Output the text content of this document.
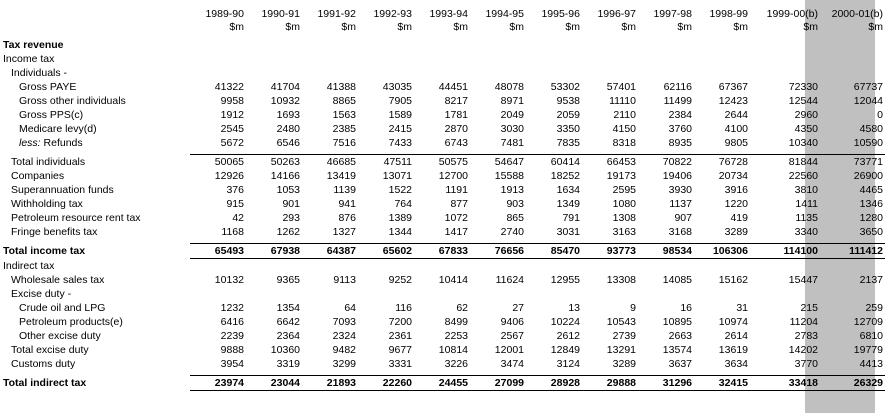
	1989-90	1990-91	1991-92	1992-93	1993-94	1994-95	1995-96	1996-97	1997-98	1998-99	1999-00(b)	2000-01(b)
	$m	$m	$m	$m	$m	$m	$m	$m	$m	$m	$m	$m

Tax revenue												
Income tax												
Individuals -												
Gross PAYE	41322	41704	41388	43035	44451	48078	53302	57401	62116	67367	72330	67737
Gross other individuals	9958	10932	8865	7905	8217	8971	9538	11110	11499	12423	12544	12044
Gross PPS(c)	1912	1693	1563	1589	1781	2049	2059	2110	2384	2644	2960	0
Medicare levy(d)	2545	2480	2385	2415	2870	3030	3350	4150	3760	4100	4350	4580
less: Refunds	5672	6546	7516	7433	6743	7481	7835	8318	8935	9805	10340	10590

Total individuals	50065	50263	46685	47511	50575	54647	60414	66453	70822	76728	81844	73771
Companies	12926	14166	13419	13071	12700	15588	18252	19173	19406	20734	22560	26900
Superannuation funds	376	1053	1139	1522	1191	1913	1634	2595	3930	3916	3810	4465
Withholding tax	915	901	941	764	877	903	1349	1080	1137	1220	1411	1346
Petroleum resource rent tax	42	293	876	1389	1072	865	791	1308	907	419	1135	1280
Fringe benefits tax	1168	1262	1327	1344	1417	2740	3031	3163	3168	3289	3340	3650

Total income tax	65493	67938	64387	65602	67833	76656	85470	93773	98534	106306	114100	111412
Indirect tax												
Wholesale sales tax	10132	9365	9113	9252	10414	11624	12955	13308	14085	15162	15447	2137
Excise duty -												
Crude oil and LPG	1232	1354	64	116	62	27	13	9	16	31	215	259
Petroleum products(e)	6416	6642	7093	7200	8499	9406	10224	10543	10895	10974	11204	12709
Other excise duty	2239	2364	2324	2361	2253	2567	2612	2739	2663	2614	2783	6810
Total excise duty	9888	10360	9482	9677	10814	12001	12849	13291	13574	13619	14202	19779
Customs duty	3954	3319	3299	3331	3226	3474	3124	3289	3637	3634	3770	4413

Total indirect tax	23974	23044	21893	22260	24455	27099	28928	29888	31296	32415	33418	26329
